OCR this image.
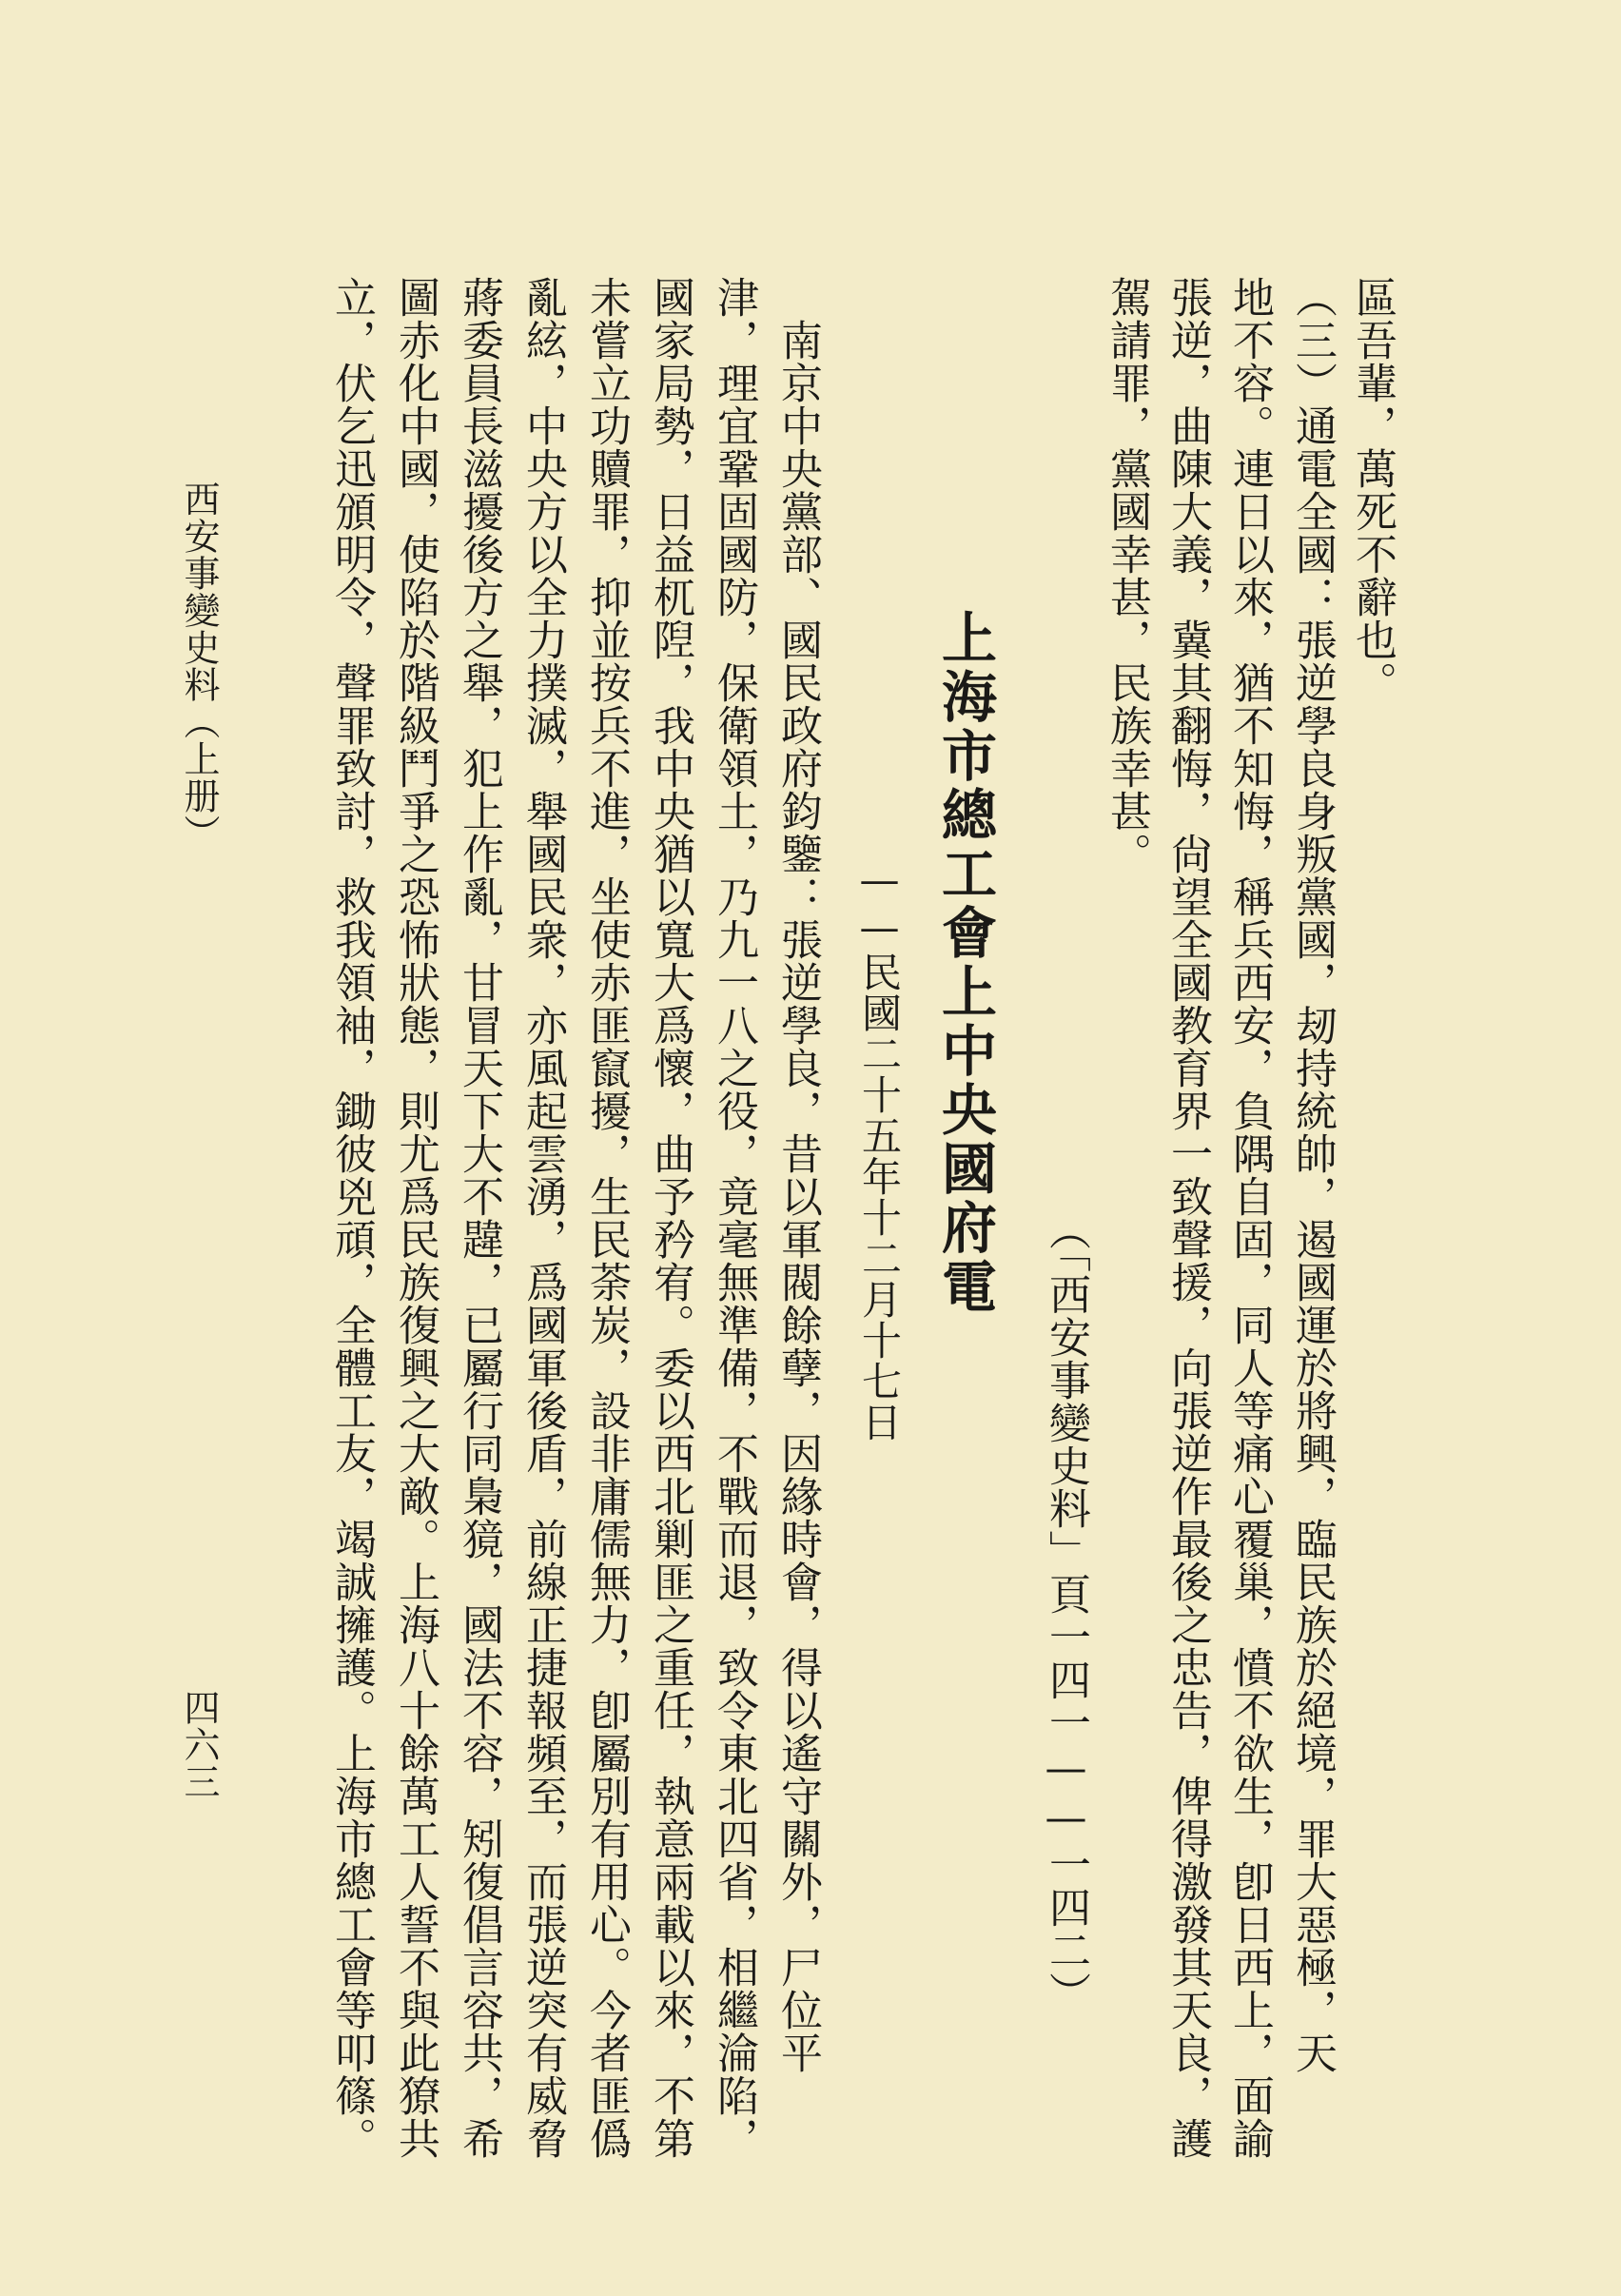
區吾輩，萬死不辭也。
（三）通電全國：張逆學良身叛黨國，刼持統帥，遏國運於將興，臨民族於絕境，罪大惡極，天
地不容。連日以來，猶不知悔，稱兵西安，負隅自固，同人等痛心覆巢，憤不欲生，卽日西上，面諭
張逆，曲陳大義，冀其翻悔，尙望全國教育界一致聲援，向張逆作最後之忠告，俾得激發其天良，護
駕請罪，黨國幸甚，民族幸甚。
（「西安事變史料」頁一四一——一四二）
上海市總工會上中央國府電
——民國二十五年十二月十七日
南京中央黨部、國民政府鈞鑒：張逆學良，昔以軍閥餘孽，因緣時會，得以遙守關外，尸位平
津，理宜鞏固國防，保衛領土，乃九一八之役，竟毫無準備，不戰而退，致令東北四省，相繼淪陷，
國家局勢，日益杌隉，我中央猶以寬大爲懷，曲予矜宥。委以西北剿匪之重任，執意兩載以來，不第
未嘗立功贖罪，抑並按兵不進，坐使赤匪竄擾，生民荼炭，設非庸儒無力，卽屬別有用心。今者匪僞
亂絃，中央方以全力撲滅，舉國民衆，亦風起雲湧，爲國軍後盾，前線正捷報頻至，而張逆突有威脅
蔣委員長滋擾後方之舉，犯上作亂，甘冒天下大不韙，已屬行同梟獍，國法不容，矧復倡言容共，希
圖赤化中國，使陷於階級鬥爭之恐怖狀態，則尤爲民族復興之大敵。上海八十餘萬工人誓不與此獠共
立，伏乞迅頒明令，聲罪致討，救我領袖，鋤彼兇頑，全體工友，竭誠擁護。上海市總工會等叩篠。
西安事變史料（上册）
四六三
